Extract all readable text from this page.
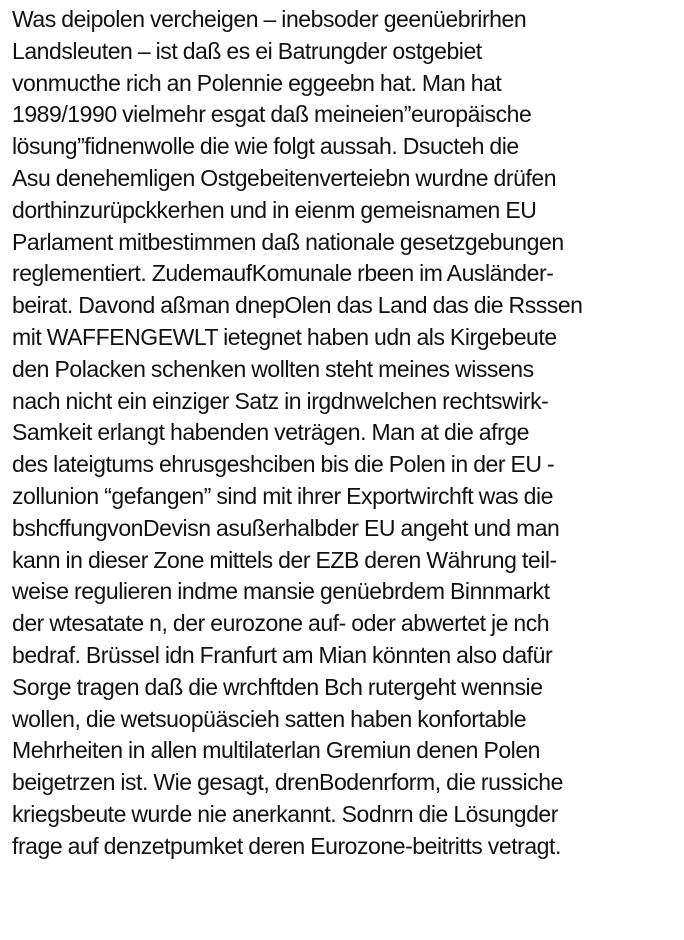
Was deipolen vercheigen – inebsoder geenüebrirhen
Landsleuten – ist daß es ei Batrungder ostgebiet
vonmucthe rich an Polennie eggeebn hat. Man hat
1989/1990 vielmehr esgat daß meineien”europäische
lösung”fidnenwolle die wie folgt aussah. Dsucteh die
Asu denehemligen Ostgebeitenverteiebn wurdne drüfen
dorthinzurüpckkerhen und in eienm gemeisnamen EU
Parlament mitbestimmen daß nationale gesetzgebungen
reglementiert. ZudemaufKomunale rbeen im Ausländer-
beirat. Davond aßman dnepOlen das Land das die Rsssen
mit WAFFENGEWLT ietegnet haben udn als Kirgebeute
den Polacken schenken wollten steht meines wissens
nach nicht ein einziger Satz in irgdnwelchen rechtswirk-
Samkeit erlangt habenden veträgen. Man at die afrge
des lateigtums ehrusgeshciben bis die Polen in der EU -
zollunion “gefangen” sind mit ihrer Exportwirchft was die
bshcffungvonDevisn asußerhalbder EU angeht und man
kann in dieser Zone mittels der EZB deren Währung teil-
weise regulieren indme mansie genüebrdem Binnmarkt
der wtesatate n, der eurozone auf- oder abwertet je nch
bedraf. Brüssel idn Franfurt am Mian könnten also dafür
Sorge tragen daß die wrchftden Bch rutergeht wennsie
wollen, die wetsuopüäscieh satten haben konfortable
Mehrheiten in allen multilaterlan Gremiun denen Polen
beigetrzen ist. Wie gesagt, drenBodenrform, die russiche
kriegsbeute wurde nie anerkannt. Sodnrn die Lösungder
frage auf denzetpumket deren Eurozone-beitritts vetragt.
